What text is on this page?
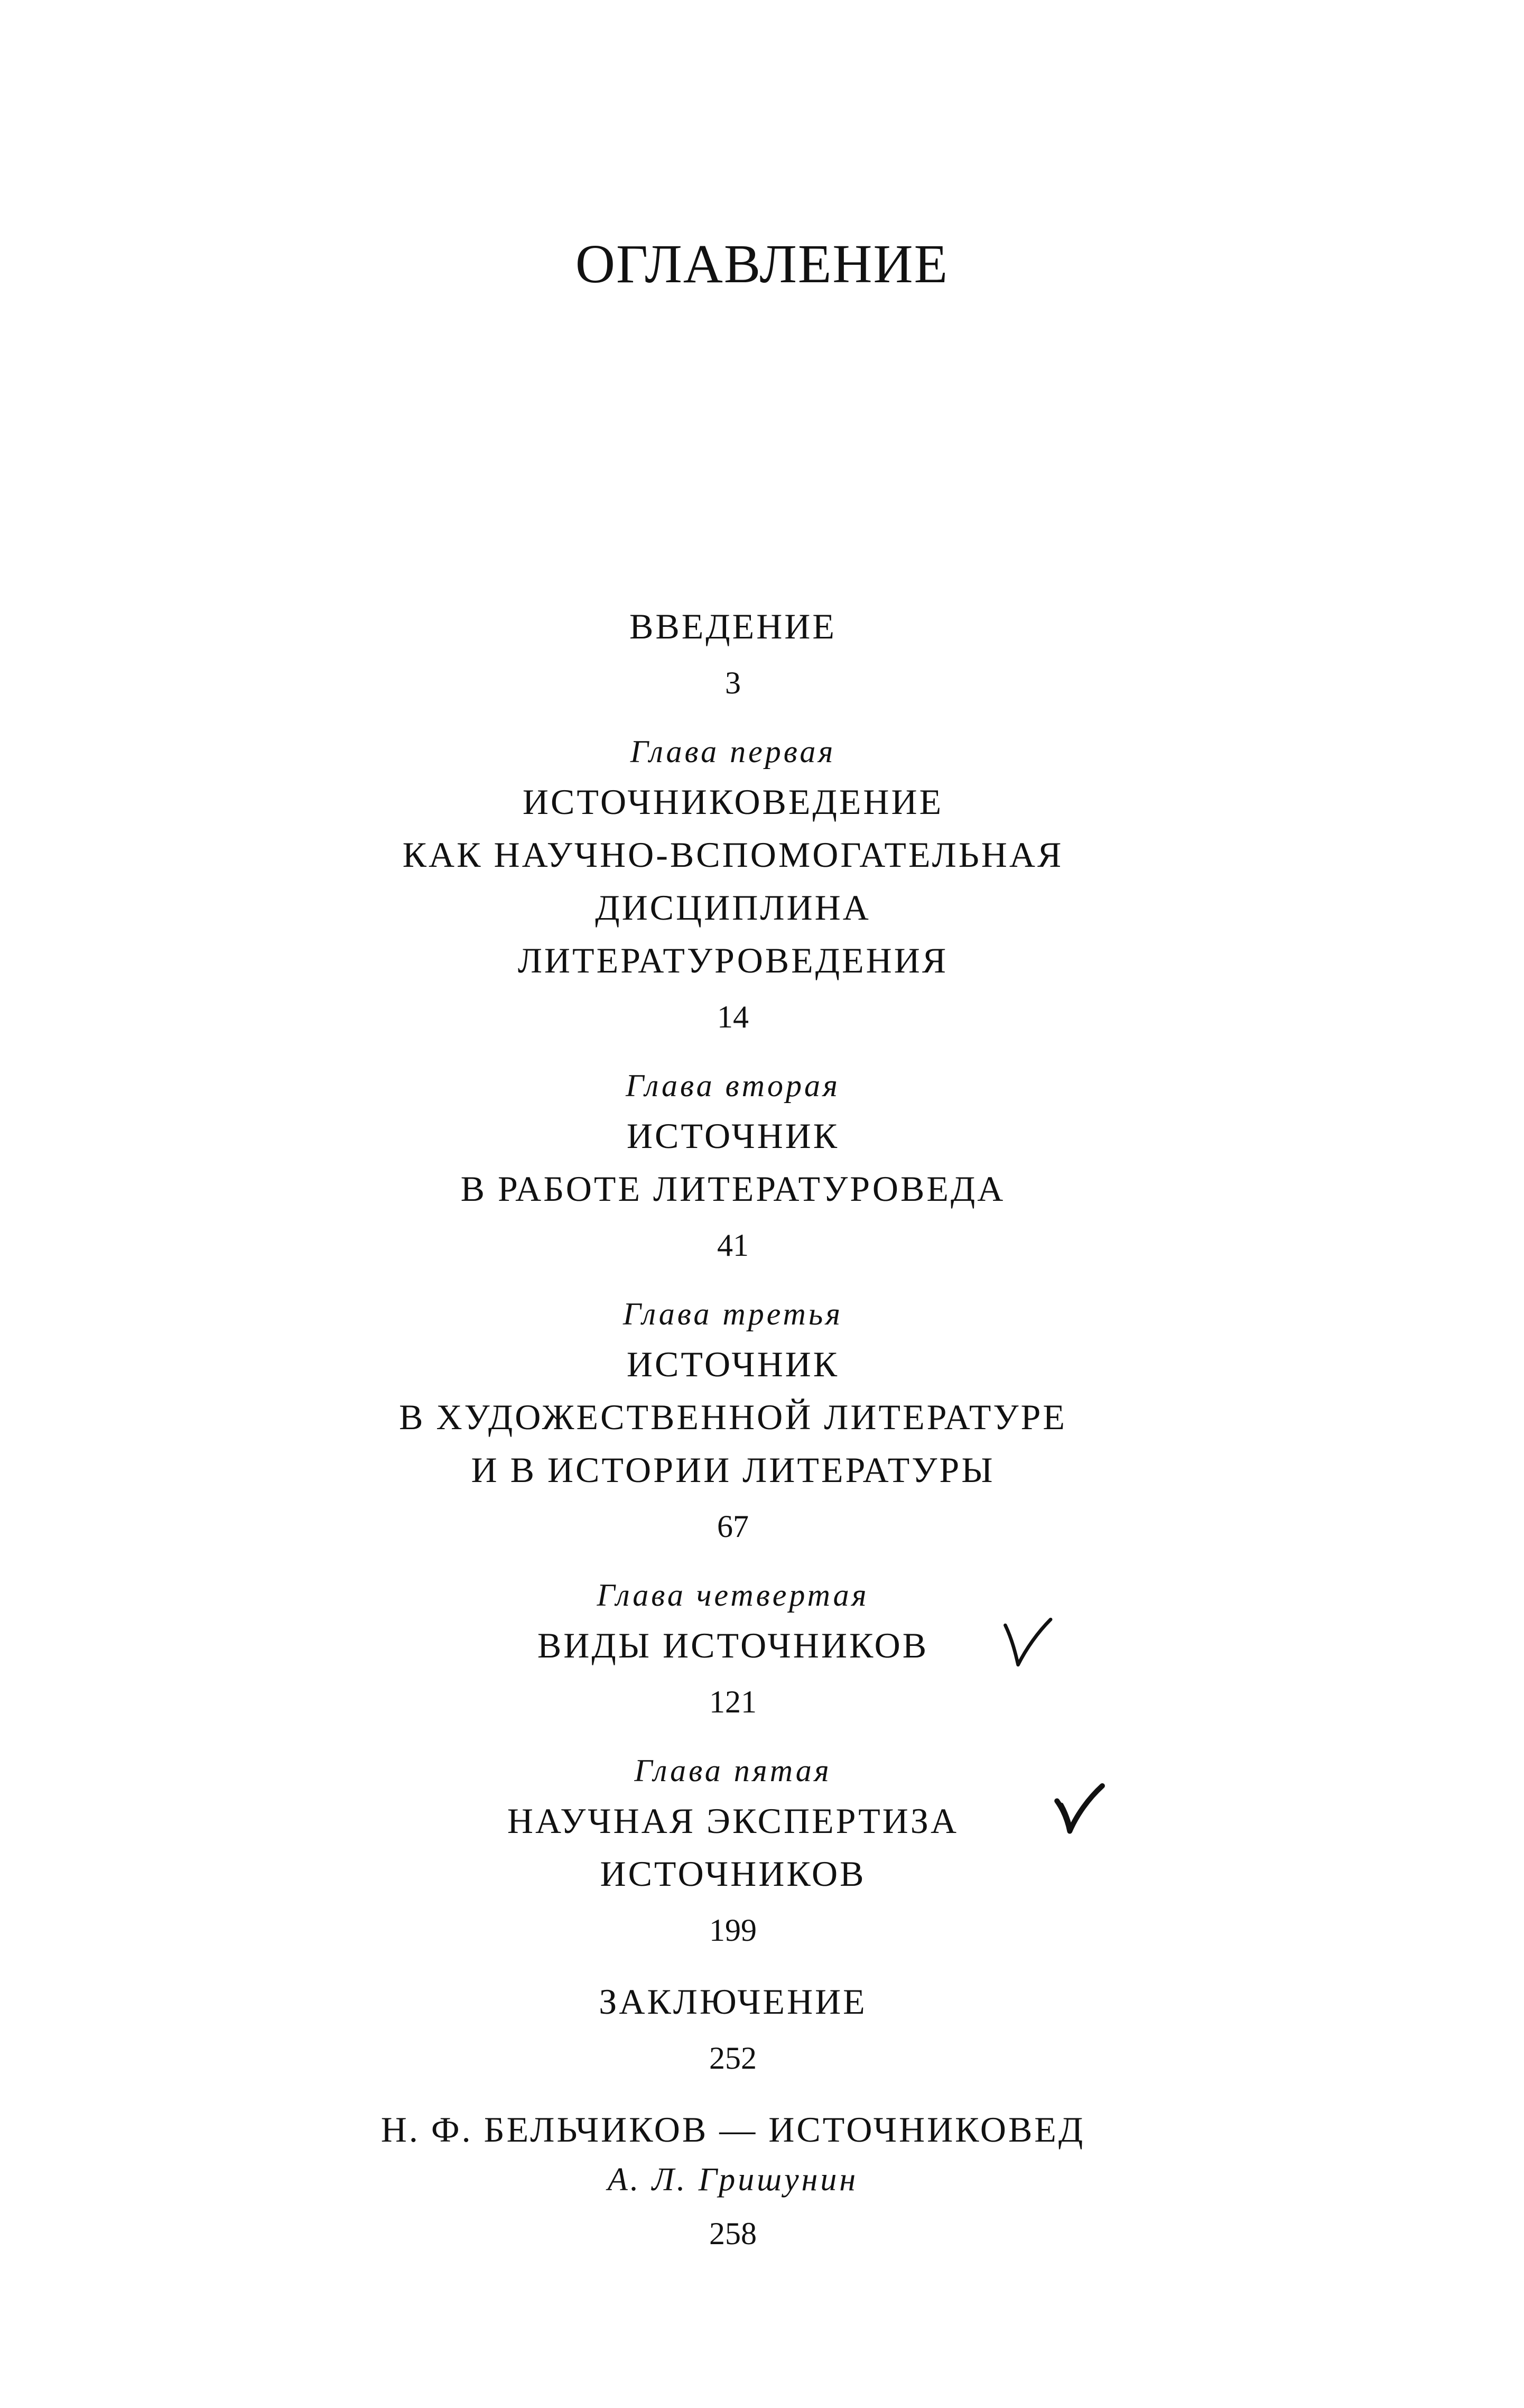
ОГЛАВЛЕНИЕ
ВВЕДЕНИЕ
3
Глава первая
ИСТОЧНИКОВЕДЕНИЕ
КАК НАУЧНО-ВСПОМОГАТЕЛЬНАЯ
ДИСЦИПЛИНА
ЛИТЕРАТУРОВЕДЕНИЯ
14
Глава вторая
ИСТОЧНИК
В РАБОТЕ ЛИТЕРАТУРОВЕДА
41
Глава третья
ИСТОЧНИК
В ХУДОЖЕСТВЕННОЙ ЛИТЕРАТУРЕ
И В ИСТОРИИ ЛИТЕРАТУРЫ
67
Глава четвертая
ВИДЫ ИСТОЧНИКОВ
121
Глава пятая
НАУЧНАЯ ЭКСПЕРТИЗА
ИСТОЧНИКОВ
199
ЗАКЛЮЧЕНИЕ
252
Н. Ф. БЕЛЬЧИКОВ — ИСТОЧНИКОВЕД
А. Л. Гришунин
258
